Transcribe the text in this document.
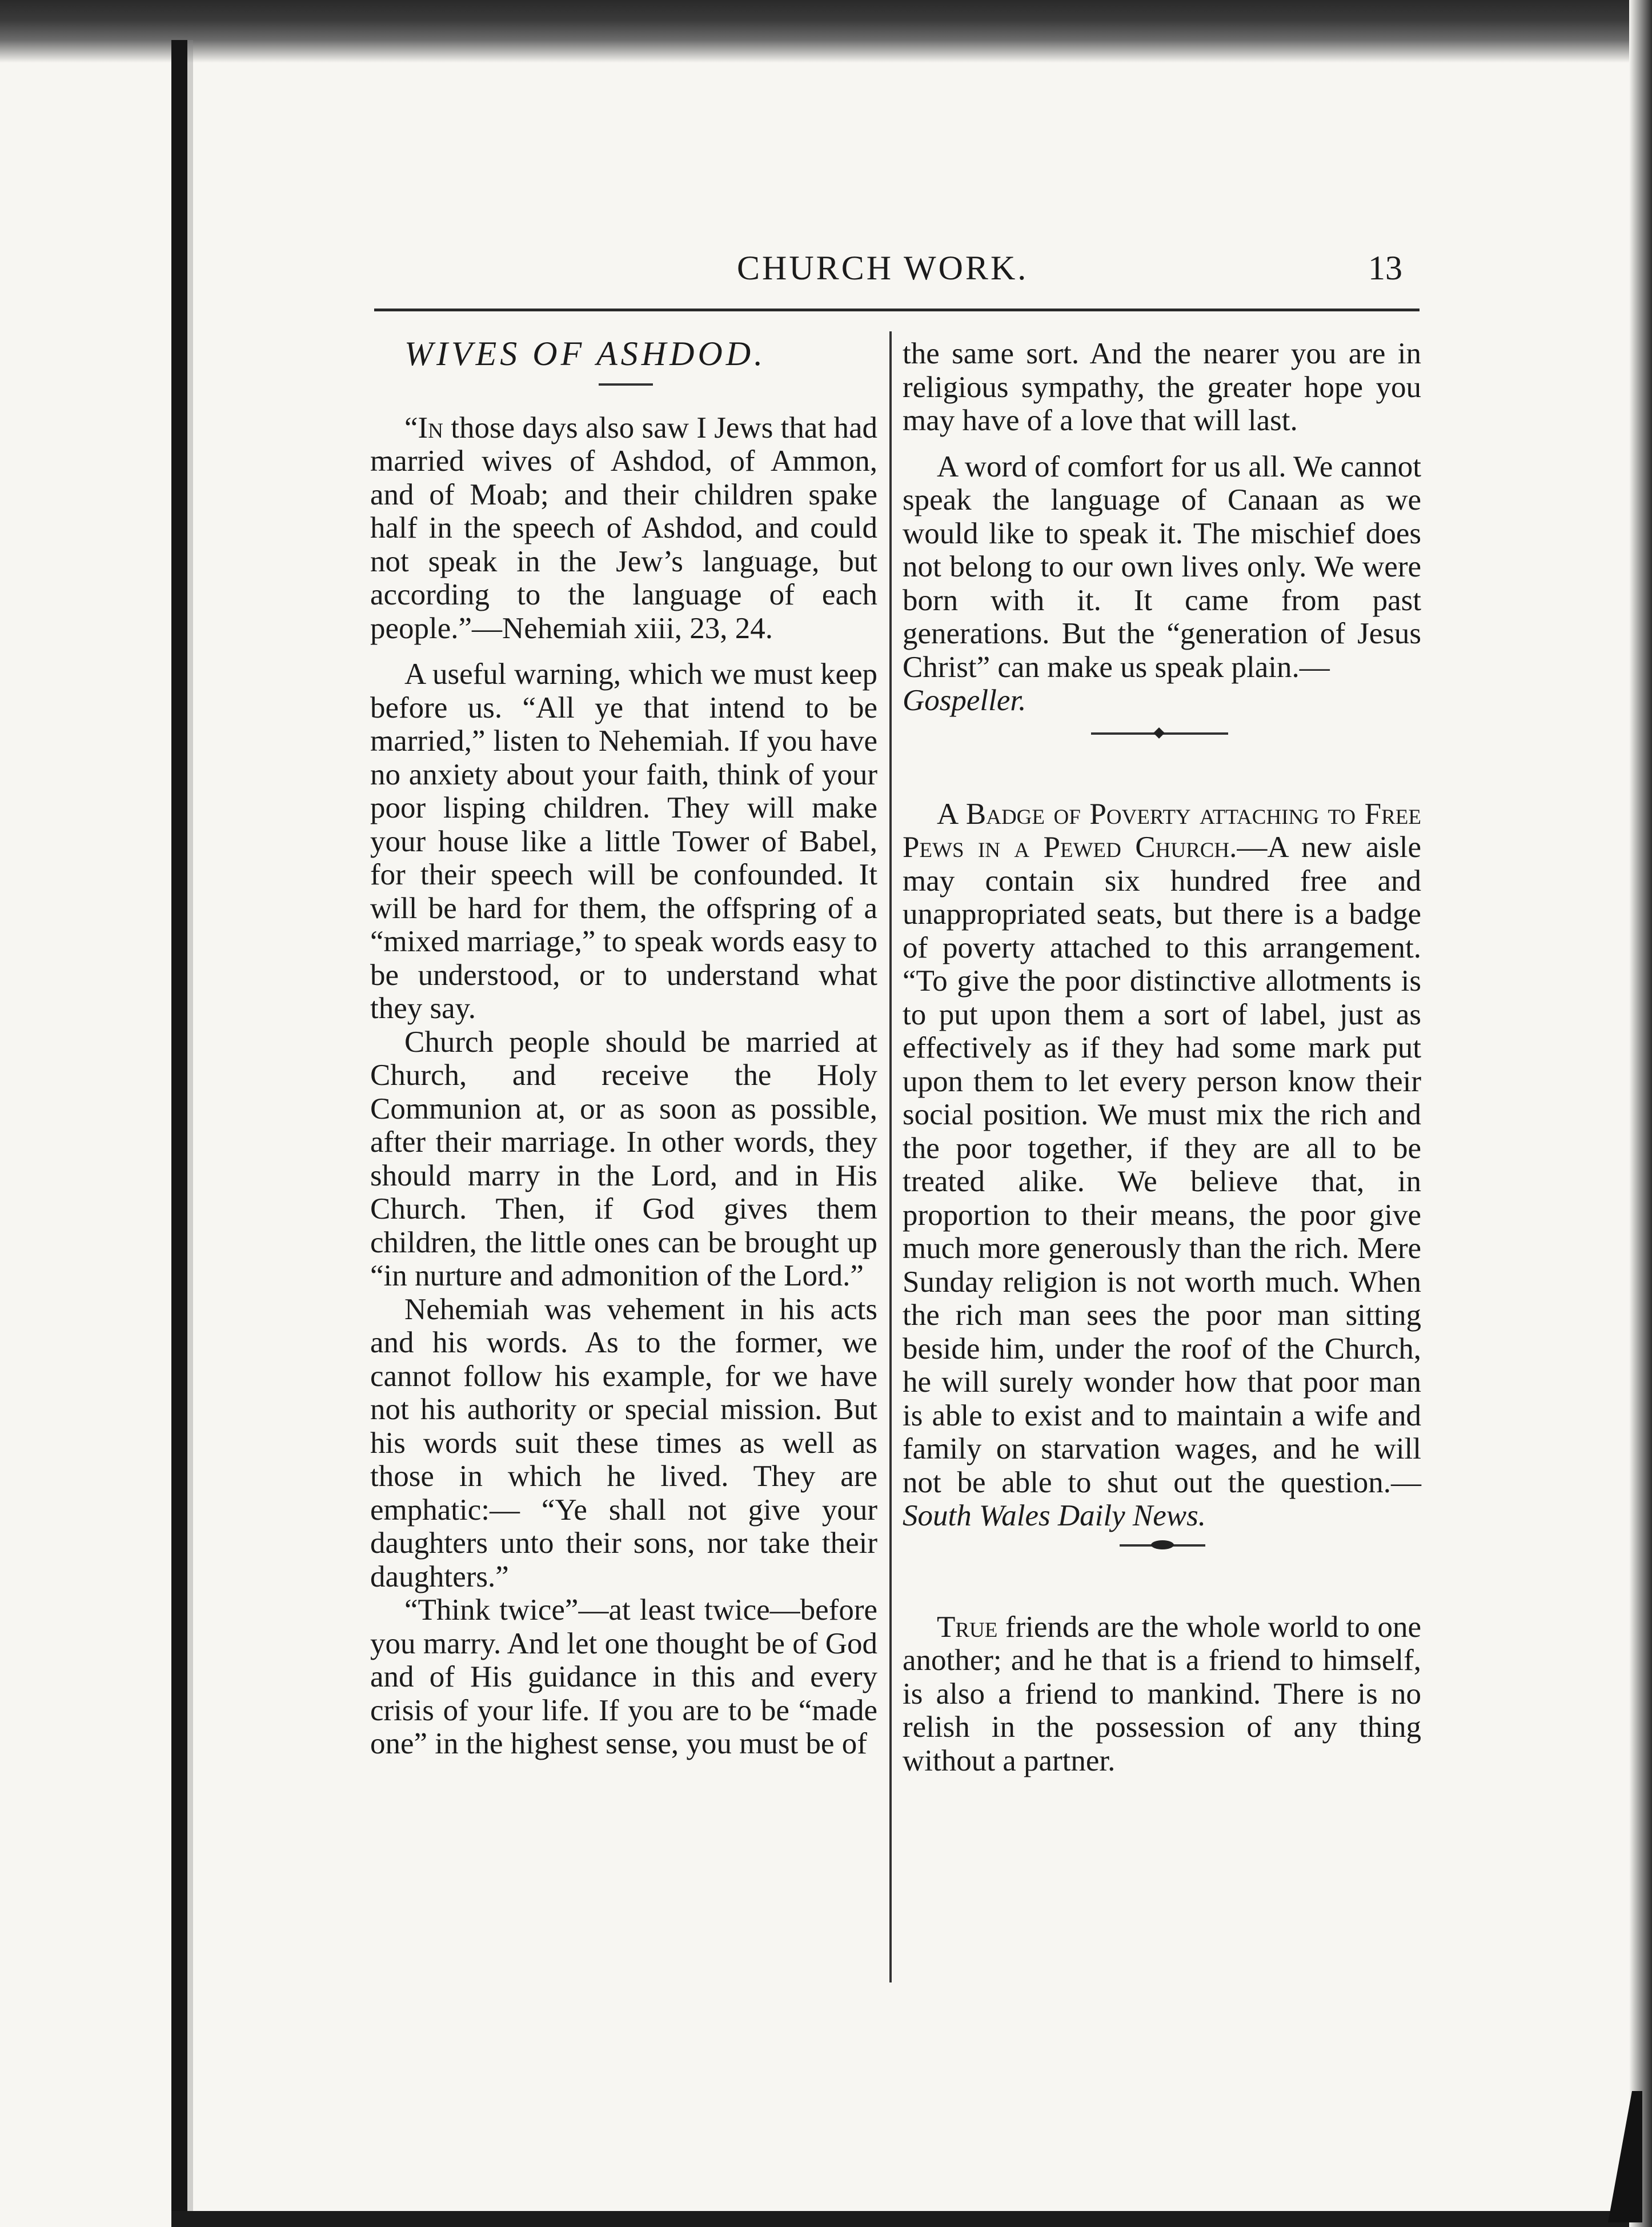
CHURCH WORK.	13

WIVES OF ASHDOD.

“In those days also saw I Jews that had married wives of Ashdod, of Ammon, and of Moab; and their children spake half in the speech of Ashdod, and could not speak in the Jew’s language, but according to the language of each people.”—Nehemiah xiii, 23, 24.

A useful warning, which we must keep before us. “All ye that intend to be married,” listen to Nehemiah. If you have no anxiety about your faith, think of your poor lisping children. They will make your house like a little Tower of Babel, for their speech will be confounded. It will be hard for them, the offspring of a “mixed marriage,” to speak words easy to be understood, or to understand what they say.

Church people should be married at Church, and receive the Holy Communion at, or as soon as possible, after their marriage. In other words, they should marry in the Lord, and in His Church. Then, if God gives them children, the little ones can be brought up “in nurture and admonition of the Lord.”

Nehemiah was vehement in his acts and his words. As to the former, we cannot follow his example, for we have not his authority or special mission. But his words suit these times as well as those in which he lived. They are emphatic:— “Ye shall not give your daughters unto their sons, nor take their daughters.”

“Think twice”—at least twice—before you marry. And let one thought be of God and of His guidance in this and every crisis of your life. If you are to be “made one” in the highest sense, you must be of

the same sort. And the nearer you are in religious sympathy, the greater hope you may have of a love that will last.

A word of comfort for us all. We cannot speak the language of Canaan as we would like to speak it. The mischief does not belong to our own lives only. We were born with it. It came from past generations. But the “generation of Jesus Christ” can make us speak plain.—

Gospeller.

A Badge of Poverty attaching to Free Pews in a Pewed Church.—A new aisle may contain six hundred free and unappropriated seats, but there is a badge of poverty attached to this arrangement. “To give the poor distinctive allotments is to put upon them a sort of label, just as effectively as if they had some mark put upon them to let every person know their social position. We must mix the rich and the poor together, if they are all to be treated alike. We believe that, in proportion to their means, the poor give much more generously than the rich. Mere Sunday religion is not worth much. When the rich man sees the poor man sitting beside him, under the roof of the Church, he will surely wonder how that poor man is able to exist and to maintain a wife and family on starvation wages, and he will not be able to shut out the question.—South Wales Daily News.

True friends are the whole world to one another; and he that is a friend to himself, is also a friend to mankind. There is no relish in the possession of any thing without a partner.
